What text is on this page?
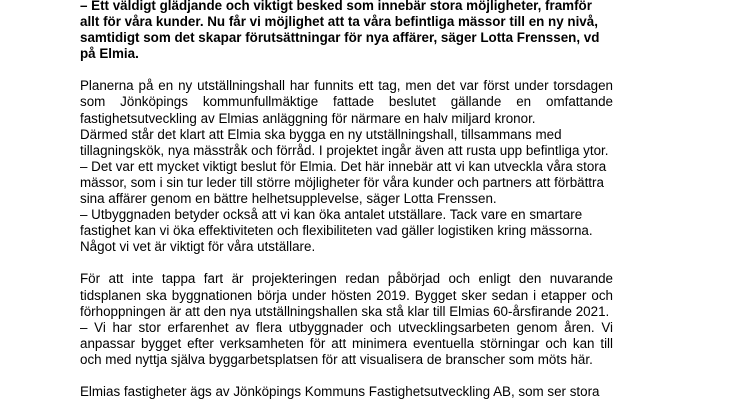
– Ett väldigt glädjande och viktigt besked som innebär stora möjligheter, framför
allt för våra kunder. Nu får vi möjlighet att ta våra befintliga mässor till en ny nivå,
samtidigt som det skapar förutsättningar för nya affärer, säger Lotta Frenssen, vd
på Elmia.

Planerna på en ny utställningshall har funnits ett tag, men det var först under torsdagen som Jönköpings kommunfullmäktige fattade beslutet gällande en omfattande fastighetsutveckling av Elmias anläggning för närmare en halv miljard kronor.

Därmed står det klart att Elmia ska bygga en ny utställningshall, tillsammans med tillagningskök, nya mässtråk och förråd. I projektet ingår även att rusta upp befintliga ytor.

– Det var ett mycket viktigt beslut för Elmia. Det här innebär att vi kan utveckla våra stora mässor, som i sin tur leder till större möjligheter för våra kunder och partners att förbättra sina affärer genom en bättre helhetsupplevelse, säger Lotta Frenssen.

– Utbyggnaden betyder också att vi kan öka antalet utställare. Tack vare en smartare fastighet kan vi öka effektiviteten och flexibiliteten vad gäller logistiken kring mässorna. Något vi vet är viktigt för våra utställare.

För att inte tappa fart är projekteringen redan påbörjad och enligt den nuvarande tidsplanen ska byggnationen börja under hösten 2019. Bygget sker sedan i etapper och förhoppningen är att den nya utställningshallen ska stå klar till Elmias 60-årsfirande 2021.

– Vi har stor erfarenhet av flera utbyggnader och utvecklingsarbeten genom åren. Vi anpassar bygget efter verksamheten för att minimera eventuella störningar och kan till och med nyttja själva byggarbetsplatsen för att visualisera de branscher som möts här.

Elmias fastigheter ägs av Jönköpings Kommuns Fastighetsutveckling AB, som ser stora
